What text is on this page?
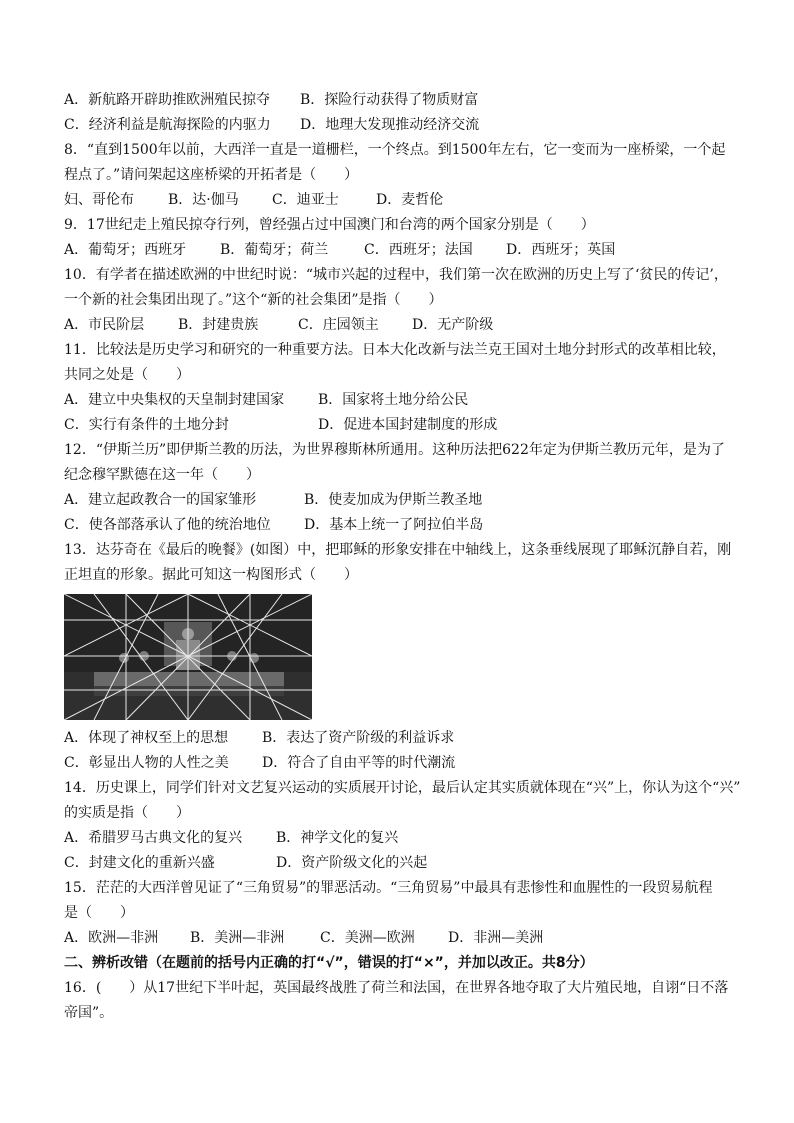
A．新航路开辟助推欧洲殖民掠夺	B．探险行动获得了物质财富
C．经济利益是航海探险的内驱力	D．地理大发现推动经济交流
8．“直到1500年以前，大西洋一直是一道栅栏，一个终点。到1500年左右，它一变而为一座桥梁，一个起
程点了。”请问架起这座桥梁的开拓者是（　　）
妇、哥伦布	B．达·伽马	C．迪亚士	D．麦哲伦
9．17世纪走上殖民掠夺行列，曾经强占过中国澳门和台湾的两个国家分别是（　　）
A．葡萄牙；西班牙	B．葡萄牙；荷兰	C．西班牙；法国	D．西班牙；英国
10．有学者在描述欧洲的中世纪时说：“城市兴起的过程中，我们第一次在欧洲的历史上写了‘贫民的传记’，
一个新的社会集团出现了。”这个“新的社会集团”是指（　　）
A．市民阶层	B．封建贵族	C．庄园领主	D．无产阶级
11．比较法是历史学习和研究的一种重要方法。日本大化改新与法兰克王国对土地分封形式的改革相比较，
共同之处是（　　）
A．建立中央集权的天皇制封建国家	B．国家将土地分给公民
C．实行有条件的土地分封	D．促进本国封建制度的形成
12．“伊斯兰历”即伊斯兰教的历法，为世界穆斯林所通用。这种历法把622年定为伊斯兰教历元年，是为了
纪念穆罕默德在这一年（　　）
A．建立起政教合一的国家雏形	B．使麦加成为伊斯兰教圣地
C．使各部落承认了他的统治地位	D．基本上统一了阿拉伯半岛
13．达芬奇在《最后的晚餐》(如图）中，把耶稣的形象安排在中轴线上，这条垂线展现了耶稣沉静自若，刚
正坦直的形象。据此可知这一构图形式（　　）
A．体现了神权至上的思想	B．表达了资产阶级的利益诉求
C．彰显出人物的人性之美	D．符合了自由平等的时代潮流
14．历史课上，同学们针对文艺复兴运动的实质展开讨论，最后认定其实质就体现在“兴”上，你认为这个“兴”
的实质是指（　　）
A．希腊罗马古典文化的复兴	B．神学文化的复兴
C．封建文化的重新兴盛	D．资产阶级文化的兴起
15．茫茫的大西洋曾见证了“三角贸易”的罪恶活动。“三角贸易”中最具有悲惨性和血腥性的一段贸易航程
是（　　）
A．欧洲—非洲	B．美洲—非洲	C．美洲—欧洲	D．非洲—美洲
二、辨析改错（在题前的括号内正确的打“√”，错误的打“×”，并加以改正。共8分）
16．(　　）从17世纪下半叶起，英国最终战胜了荷兰和法国，在世界各地夺取了大片殖民地，自诩“日不落
帝国”。
